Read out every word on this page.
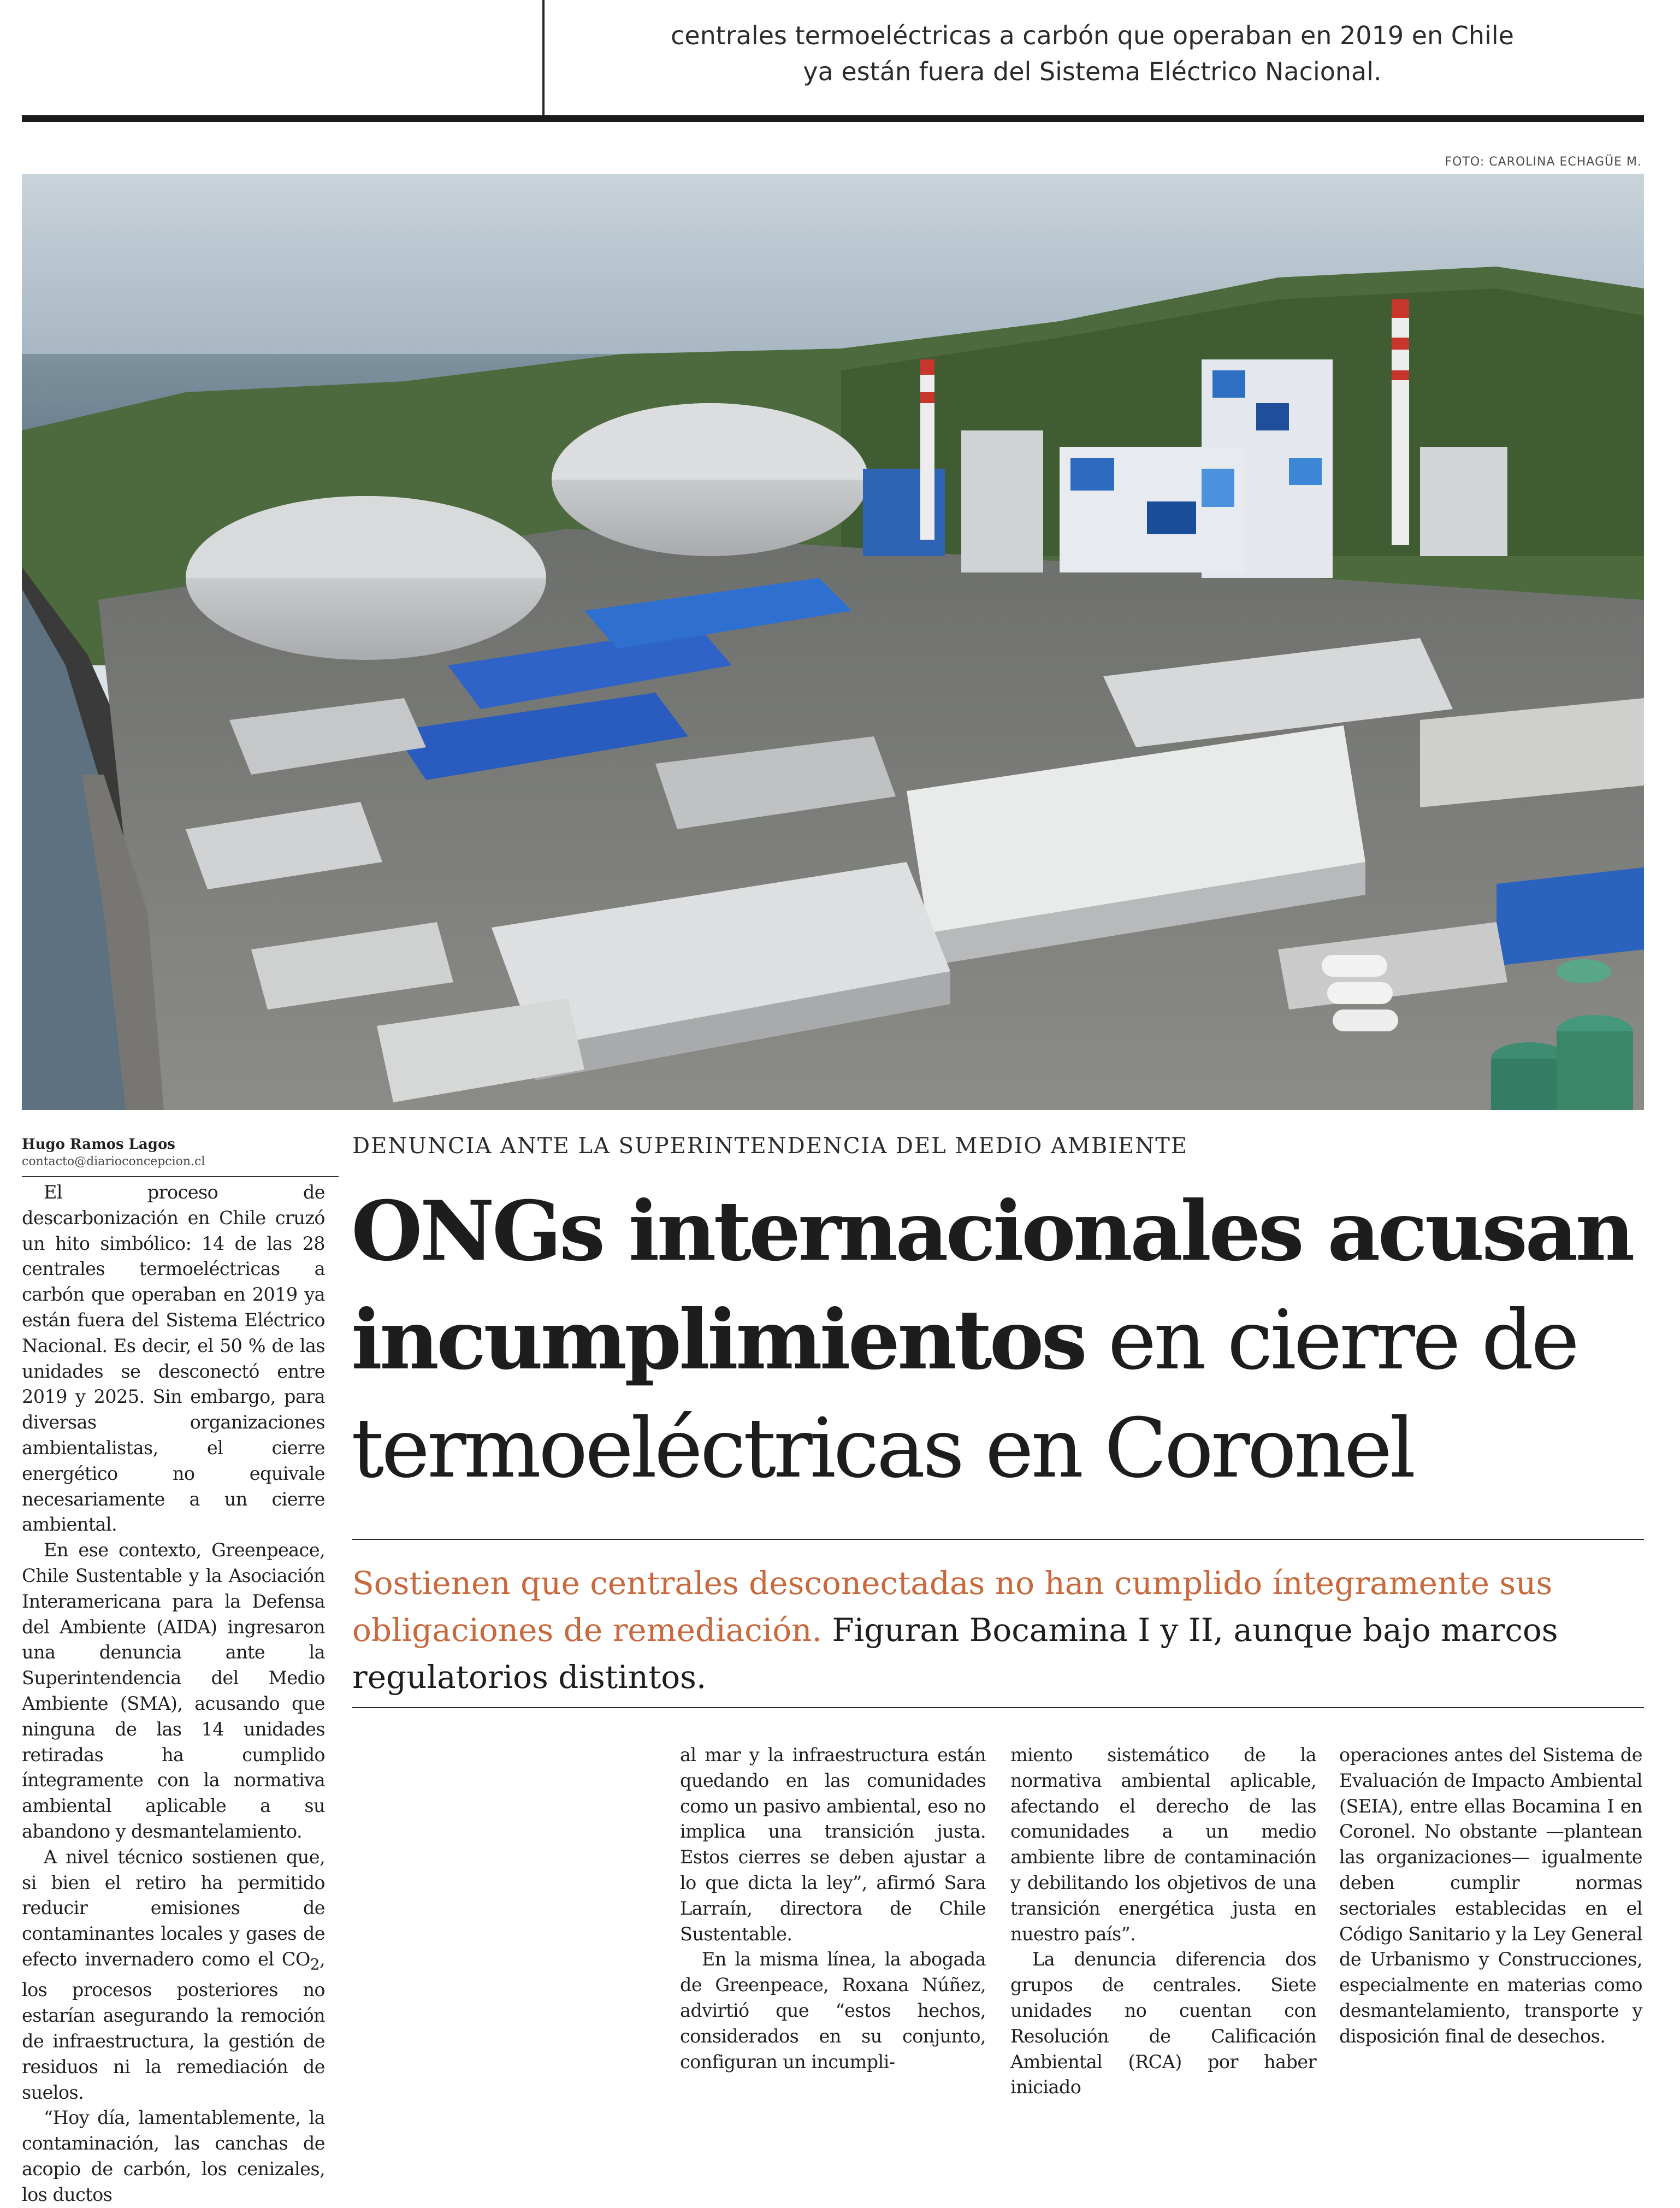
centrales termoeléctricas a carbón que operaban en 2019 en Chile
ya están fuera del Sistema Eléctrico Nacional.
FOTO: CAROLINA ECHAGÜE M.
Hugo Ramos Lagos
contacto@diarioconcepcion.cl
DENUNCIA ANTE LA SUPERINTENDENCIA DEL MEDIO AMBIENTE
ONGs internacionales acusan
incumplimientos en cierre de
termoeléctricas en Coronel
Sostienen que centrales desconectadas no han cumplido íntegramente sus obligaciones de remediación. Figuran Bocamina I y II, aunque bajo marcos regulatorios distintos.

El proceso de descarbonización en Chile cruzó un hito simbólico: 14 de las 28 centrales termoeléctricas a carbón que operaban en 2019 ya están fuera del Sistema Eléctrico Nacional. Es decir, el 50 % de las unidades se desconectó entre 2019 y 2025. Sin embargo, para diversas organizaciones ambientalistas, el cierre energético no equivale necesariamente a un cierre ambiental.

En ese contexto, Greenpeace, Chile Sustentable y la Asociación Interamericana para la Defensa del Ambiente (AIDA) ingresaron una denuncia ante la Superintendencia del Medio Ambiente (SMA), acusando que ninguna de las 14 unidades retiradas ha cumplido íntegramente con la normativa ambiental aplicable a su abandono y desmantelamiento.

A nivel técnico sostienen que, si bien el retiro ha permitido reducir emisiones de contaminantes locales y gases de efecto invernadero como el $CO_2$, los procesos posteriores no estarían asegurando la remoción de infraestructura, la gestión de residuos ni la remediación de suelos.

“Hoy día, lamentablemente, la contaminación, las canchas de acopio de carbón, los cenizales, los ductos

al mar y la infraestructura están quedando en las comunidades como un pasivo ambiental, eso no implica una transición justa. Estos cierres se deben ajustar a lo que dicta la ley”, afirmó Sara Larraín, directora de Chile Sustentable.

En la misma línea, la abogada de Greenpeace, Roxana Núñez, advirtió que “estos hechos, considerados en su conjunto, configuran un incumpli-

miento sistemático de la normativa ambiental aplicable, afectando el derecho de las comunidades a un medio ambiente libre de contaminación y debilitando los objetivos de una transición energética justa en nuestro país”.

La denuncia diferencia dos grupos de centrales. Siete unidades no cuentan con Resolución de Calificación Ambiental (RCA) por haber iniciado

operaciones antes del Sistema de Evaluación de Impacto Ambiental (SEIA), entre ellas Bocamina I en Coronel. No obstante —plantean las organizaciones— igualmente deben cumplir normas sectoriales establecidas en el Código Sanitario y la Ley General de Urbanismo y Construcciones, especialmente en materias como desmantelamiento, transporte y disposición final de desechos.
